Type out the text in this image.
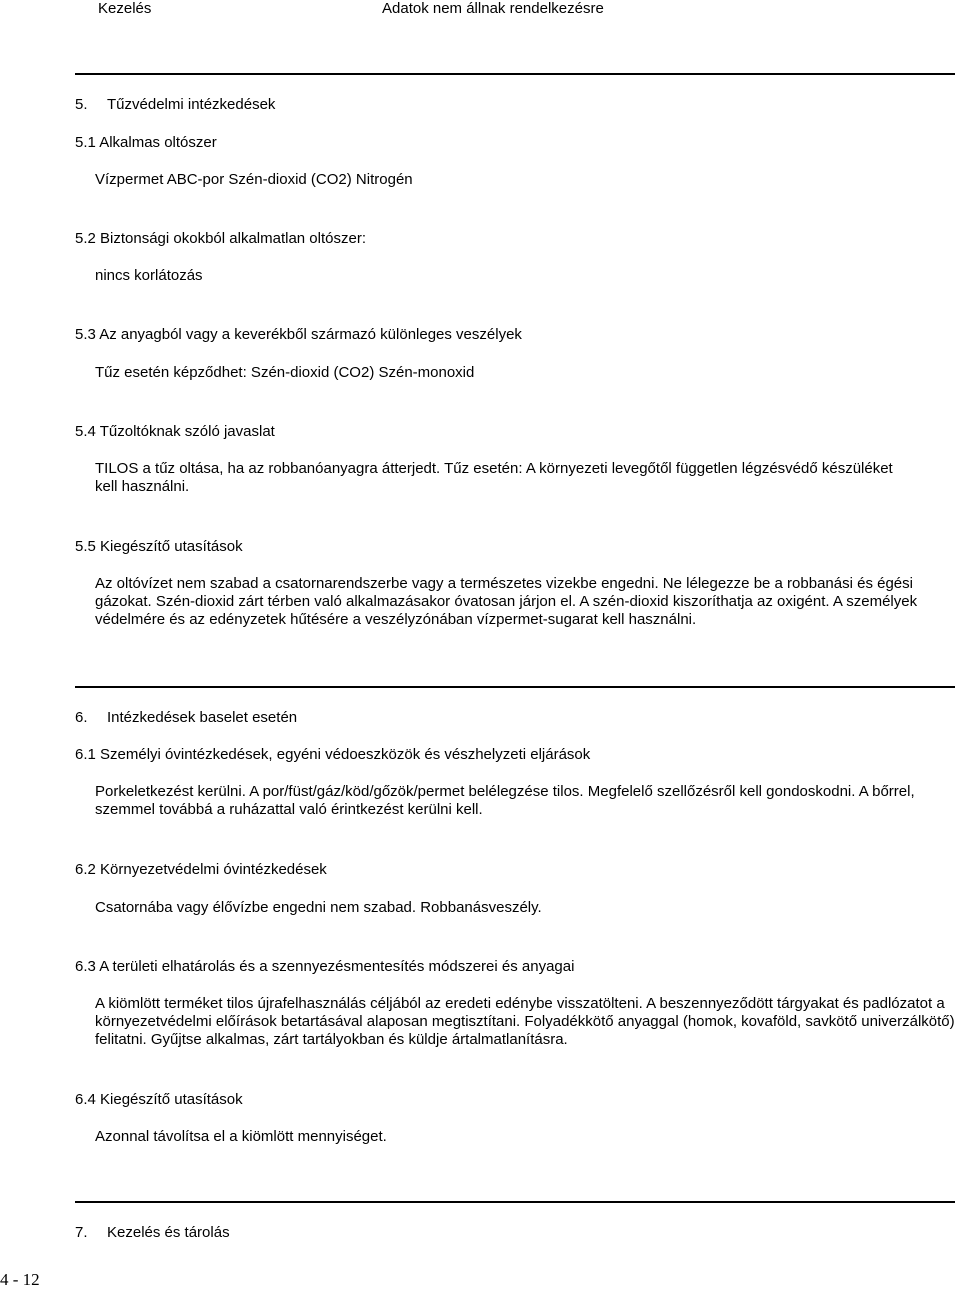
Kezelés	Adatok nem állnak rendelkezésre
5. Tűzvédelmi intézkedések
5.1 Alkalmas oltószer
Vízpermet ABC-por Szén-dioxid (CO2) Nitrogén
5.2 Biztonsági okokból alkalmatlan oltószer:
nincs korlátozás
5.3 Az anyagból vagy a keverékből származó különleges veszélyek
Tűz esetén képződhet: Szén-dioxid (CO2) Szén-monoxid
5.4 Tűzoltóknak szóló javaslat
TILOS a tűz oltása, ha az robbanóanyagra átterjedt. Tűz esetén: A környezeti levegőtől független légzésvédő készüléket kell használni.
5.5 Kiegészítő utasítások
Az oltóvízet nem szabad a csatornarendszerbe vagy a természetes vizekbe engedni. Ne lélegezze be a robbanási és égési gázokat. Szén-dioxid zárt térben való alkalmazásakor óvatosan járjon el. A szén-dioxid kiszoríthatja az oxigént. A személyek védelmére és az edényzetek hűtésére a veszélyzónában vízpermet-sugarat kell használni.
6. Intézkedések baselet esetén
6.1 Személyi óvintézkedések, egyéni védoeszközök és vészhelyzeti eljárások
Porkeletkezést kerülni. A por/füst/gáz/köd/gőzök/permet belélegzése tilos. Megfelelő szellőzésről kell gondoskodni. A bőrrel, szemmel továbbá a ruházattal való érintkezést kerülni kell.
6.2 Környezetvédelmi óvintézkedések
Csatornába vagy élővízbe engedni nem szabad. Robbanásveszély.
6.3 A területi elhatárolás és a szennyezésmentesítés módszerei és anyagai
A kiömlött terméket tilos újrafelhasználás céljából az eredeti edénybe visszatölteni. A beszennyeződött tárgyakat és padlózatot a környezetvédelmi előírások betartásával alaposan megtisztítani. Folyadékkötő anyaggal (homok, kovaföld, savkötő univerzálkötő) felitatni. Gyűjtse alkalmas, zárt tartályokban és küldje ártalmatlanításra.
6.4 Kiegészítő utasítások
Azonnal távolítsa el a kiömlött mennyiséget.
7. Kezelés és tárolás
4 - 12
